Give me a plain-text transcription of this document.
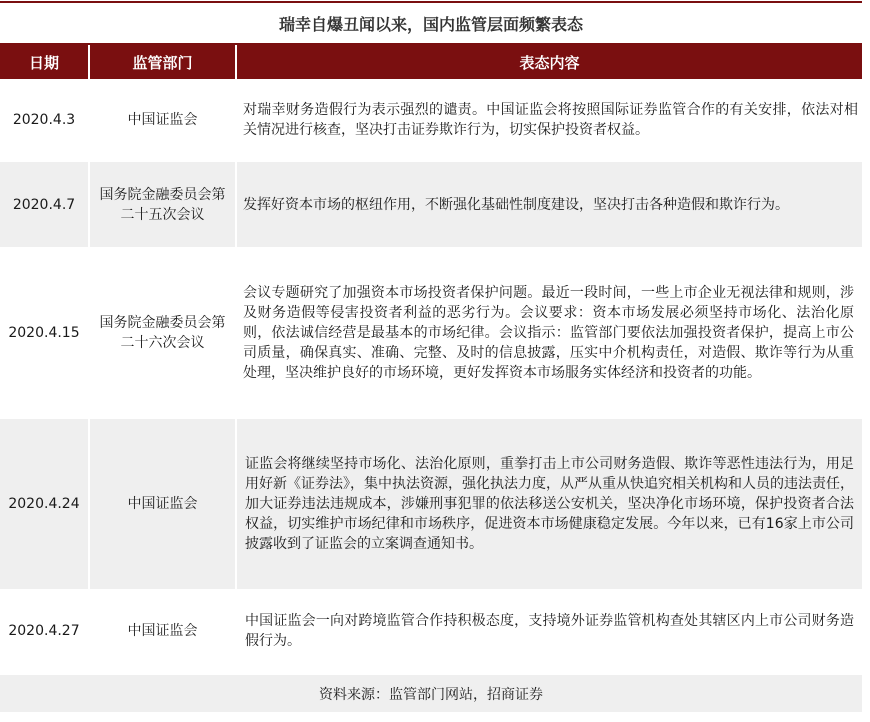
瑞幸自爆丑闻以来，国内监管层面频繁表态
日期	监管部门	表态内容
2020.4.3	中国证监会	对瑞幸财务造假行为表示强烈的谴责。中国证监会将按照国际证券监管合作的有关安排，依法对相关情况进行核查，坚决打击证券欺诈行为，切实保护投资者权益。
2020.4.7	国务院金融委员会第二十五次会议	发挥好资本市场的枢纽作用，不断强化基础性制度建设，坚决打击各种造假和欺诈行为。
2020.4.15	国务院金融委员会第二十六次会议	会议专题研究了加强资本市场投资者保护问题。最近一段时间，一些上市企业无视法律和规则，涉及财务造假等侵害投资者利益的恶劣行为。会议要求：资本市场发展必须坚持市场化、法治化原则，依法诚信经营是最基本的市场纪律。会议指示：监管部门要依法加强投资者保护，提高上市公司质量，确保真实、准确、完整、及时的信息披露，压实中介机构责任，对造假、欺诈等行为从重处理，坚决维护良好的市场环境，更好发挥资本市场服务实体经济和投资者的功能。
2020.4.24	中国证监会	证监会将继续坚持市场化、法治化原则，重拳打击上市公司财务造假、欺诈等恶性违法行为，用足用好新《证券法》，集中执法资源，强化执法力度，从严从重从快追究相关机构和人员的违法责任，加大证券违法违规成本，涉嫌刑事犯罪的依法移送公安机关，坚决净化市场环境，保护投资者合法权益，切实维护市场纪律和市场秩序，促进资本市场健康稳定发展。今年以来，已有16家上市公司披露收到了证监会的立案调查通知书。
2020.4.27	中国证监会	中国证监会一向对跨境监管合作持积极态度，支持境外证券监管机构查处其辖区内上市公司财务造假行为。
资料来源：监管部门网站，招商证券
